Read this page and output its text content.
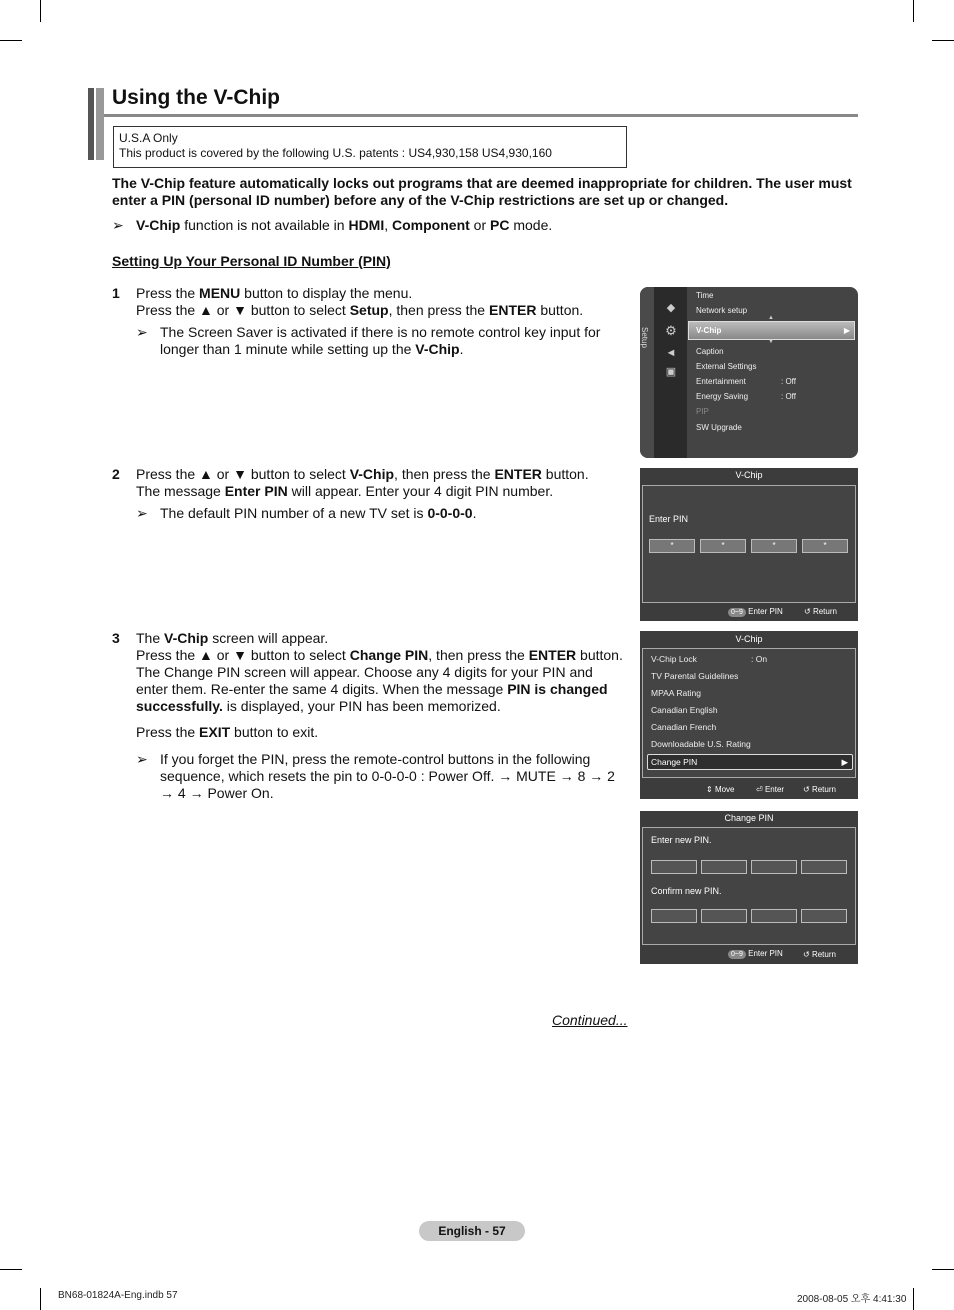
Using the V-Chip
U.S.A Only
This product is covered by the following U.S. patents : US4,930,158 US4,930,160
The V-Chip feature automatically locks out programs that are deemed inappropriate for children. The user must enter a PIN (personal ID number) before any of the V-Chip restrictions are set up or changed.
➢ V-Chip function is not available in HDMI, Component or PC mode.
Setting Up Your Personal ID Number (PIN)
1 Press the MENU button to display the menu.

Press the ▲ or ▼ button to select Setup, then press the ENTER button.

➢ The Screen Saver is activated if there is no remote control key input for longer than 1 minute while setting up the V-Chip.
2 Press the ▲ or ▼ button to select V-Chip, then press the ENTER button.

The message Enter PIN will appear. Enter your 4 digit PIN number.

➢ The default PIN number of a new TV set is 0-0-0-0.
3 The V-Chip screen will appear.

Press the ▲ or ▼ button to select Change PIN, then press the ENTER button.

The Change PIN screen will appear. Choose any 4 digits for your PIN and enter them. Re-enter the same 4 digits. When the message PIN is changed successfully. is displayed, your PIN has been memorized.

Press the EXIT button to exit.

➢ If you forget the PIN, press the remote-control buttons in the following sequence, which resets the pin to 0-0-0-0 : Power Off. → MUTE → 8 → 2 → 4 → Power On.
Continued...
English - 57
BN68-01824A-Eng.indb 57	2008-08-05 오후 4:41:30
Setup
◆
⚙
◄
▣
Time
Network setup
▲
V-Chip	▶
▼
Caption
External Settings
Entertainment	: Off
Energy Saving	: Off
PIP
SW Upgrade
V-Chip
Enter PIN
*	*	*	*
0~9 Enter PIN	↺ Return
V-Chip
V-Chip Lock	: On
TV Parental Guidelines
MPAA Rating
Canadian English
Canadian French
Downloadable U.S. Rating
Change PIN	▶
⇕ Move	⏎ Enter ↺ Return
Change PIN
Enter new PIN.
Confirm new PIN.
0~9 Enter PIN	↺ Return
